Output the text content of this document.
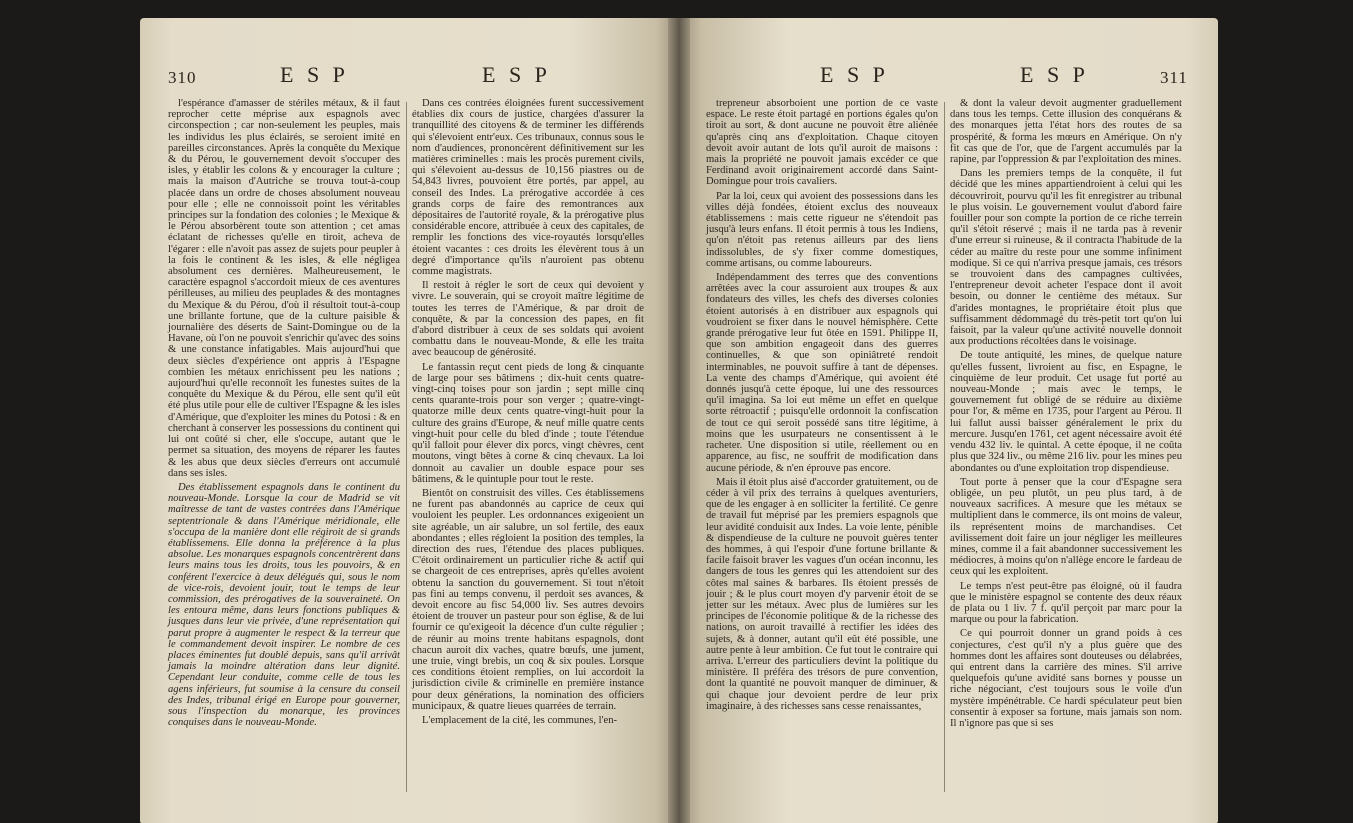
310	E S P	E S P

l'espérance d'amasser de stériles métaux, & il faut reprocher cette méprise aux espagnols avec circonspection ; car non-seulement les peuples, mais les individus les plus éclairés, se seroient imité en pareilles circonstances. Après la conquête du Mexique & du Pérou, le gouvernement devoit s'occuper des isles, y établir les colons & y encourager la culture ; mais la maison d'Autriche se trouva tout-à-coup placée dans un ordre de choses absolument nouveau pour elle ; elle ne connoissoit point les véritables principes sur la fondation des colonies ; le Mexique & le Pérou absorbèrent toute son attention ; cet amas éclatant de richesses qu'elle en tiroit, acheva de l'égarer : elle n'avoit pas assez de sujets pour peupler à la fois le continent & les isles, & elle négligea absolument ces dernières. Malheureusement, le caractère espagnol s'accordoit mieux de ces aventures périlleuses, au milieu des peuplades & des montagnes du Mexique & du Pérou, d'où il résultoit tout-à-coup une brillante fortune, que de la culture paisible & journalière des déserts de Saint-Domingue ou de la Havane, où l'on ne pouvoit s'enrichir qu'avec des soins & une constance infatigables. Mais aujourd'hui que deux siècles d'expérience ont appris à l'Espagne combien les métaux enrichissent peu les nations ; aujourd'hui qu'elle reconnoît les funestes suites de la conquête du Mexique & du Pérou, elle sent qu'il eût été plus utile pour elle de cultiver l'Espagne & les isles d'Amérique, que d'exploiter les mines du Potosi : & en cherchant à conserver les possessions du continent qui lui ont coûté si cher, elle s'occupe, autant que le permet sa situation, des moyens de réparer les fautes & les abus que deux siècles d'erreurs ont accumulé dans ses isles.

Des établissement espagnols dans le continent du nouveau-Monde. Lorsque la cour de Madrid se vit maîtresse de tant de vastes contrées dans l'Amérique septentrionale & dans l'Amérique méridionale, elle s'occupa de la manière dont elle régiroit de si grands établissemens. Elle donna la préférence à la plus absolue. Les monarques espagnols concentrèrent dans leurs mains tous les droits, tous les pouvoirs, & en conférent l'exercice à deux délégués qui, sous le nom de vice-rois, devoient jouir, tout le temps de leur commission, des prérogatives de la souveraineté. On les entoura même, dans leurs fonctions publiques & jusques dans leur vie privée, d'une représentation qui parut propre à augmenter le respect & la terreur que le commandement devoit inspirer. Le nombre de ces places éminentes fut doublé depuis, sans qu'il arrivât jamais la moindre altération dans leur dignité. Cependant leur conduite, comme celle de tous les agens inférieurs, fut soumise à la censure du conseil des Indes, tribunal érigé en Europe pour gouverner, sous l'inspection du monarque, les provinces conquises dans le nouveau-Monde.

Dans ces contrées éloignées furent successivement établies dix cours de justice, chargées d'assurer la tranquillité des citoyens & de terminer les différends qui s'élevoient entr'eux. Ces tribunaux, connus sous le nom d'audiences, prononcèrent définitivement sur les matières criminelles : mais les procès purement civils, qui s'élevoient au-dessus de 10,156 piastres ou de 54,843 livres, pouvoient être portés, par appel, au conseil des Indes. La prérogative accordée à ces grands corps de faire des remontrances aux dépositaires de l'autorité royale, & la prérogative plus considérable encore, attribuée à ceux des capitales, de remplir les fonctions des vice-royautés lorsqu'elles étoient vacantes : ces droits les élevèrent tous à un degré d'importance qu'ils n'auroient pas obtenu comme magistrats.

Il restoit à régler le sort de ceux qui devoient y vivre. Le souverain, qui se croyoit maître légitime de toutes les terres de l'Amérique, & par droit de conquête, & par la concession des papes, en fit d'abord distribuer à ceux de ses soldats qui avoient combattu dans le nouveau-Monde, & elle les traita avec beaucoup de générosité.

Le fantassin reçut cent pieds de long & cinquante de large pour ses bâtimens ; dix-huit cents quatre-vingt-cinq toises pour son jardin ; sept mille cinq cents quarante-trois pour son verger ; quatre-vingt-quatorze mille deux cents quatre-vingt-huit pour la culture des grains d'Europe, & neuf mille quatre cents vingt-huit pour celle du bled d'inde ; toute l'étendue qu'il falloit pour élever dix porcs, vingt chèvres, cent moutons, vingt bêtes à corne & cinq chevaux. La loi donnoit au cavalier un double espace pour ses bâtimens, & le quintuple pour tout le reste.

Bientôt on construisit des villes. Ces établissemens ne furent pas abandonnés au caprice de ceux qui vouloient les peupler. Les ordonnances exigeoient un site agréable, un air salubre, un sol fertile, des eaux abondantes ; elles régloient la position des temples, la direction des rues, l'étendue des places publiques. C'étoit ordinairement un particulier riche & actif qui se chargeoit de ces entreprises, après qu'elles avoient obtenu la sanction du gouvernement. Si tout n'étoit pas fini au temps convenu, il perdoit ses avances, & devoit encore au fisc 54,000 liv. Ses autres devoirs étoient de trouver un pasteur pour son église, & de lui fournir ce qu'exigeoit la décence d'un culte régulier ; de réunir au moins trente habitans espagnols, dont chacun auroit dix vaches, quatre bœufs, une jument, une truie, vingt brebis, un coq & six poules. Lorsque ces conditions étoient remplies, on lui accordoit la jurisdiction civile & criminelle en première instance pour deux générations, la nomination des officiers municipaux, & quatre lieues quarrées de terrain.

L'emplacement de la cité, les communes, l'en-

E S P	E S P	311

trepreneur absorboient une portion de ce vaste espace. Le reste étoit partagé en portions égales qu'on tiroit au sort, & dont aucune ne pouvoit être aliénée qu'après cinq ans d'exploitation. Chaque citoyen devoit avoir autant de lots qu'il auroit de maisons : mais la propriété ne pouvoit jamais excéder ce que Ferdinand avoit originairement accordé dans Saint-Domingue pour trois cavaliers.

Par la loi, ceux qui avoient des possessions dans les villes déjà fondées, étoient exclus des nouveaux établissemens : mais cette rigueur ne s'étendoit pas jusqu'à leurs enfans. Il étoit permis à tous les Indiens, qu'on n'étoit pas retenus ailleurs par des liens indissolubles, de s'y fixer comme domestiques, comme artisans, ou comme laboureurs.

Indépendamment des terres que des conventions arrêtées avec la cour assuroient aux troupes & aux fondateurs des villes, les chefs des diverses colonies étoient autorisés à en distribuer aux espagnols qui voudroient se fixer dans le nouvel hémisphère. Cette grande prérogative leur fut ôtée en 1591. Philippe II, que son ambition engageoit dans des guerres continuelles, & que son opiniâtreté rendoit interminables, ne pouvoit suffire à tant de dépenses. La vente des champs d'Amérique, qui avoient été donnés jusqu'à cette époque, lui une des ressources qu'il imagina. Sa loi eut même un effet en quelque sorte rétroactif ; puisqu'elle ordonnoit la confiscation de tout ce qui seroit possédé sans titre légitime, à moins que les usurpateurs ne consentissent à le racheter. Une disposition si utile, réellement ou en apparence, au fisc, ne souffrit de modification dans aucune période, & n'en éprouve pas encore.

Mais il étoit plus aisé d'accorder gratuitement, ou de céder à vil prix des terrains à quelques aventuriers, que de les engager à en solliciter la fertilité. Ce genre de travail fut méprisé par les premiers espagnols que leur avidité conduisit aux Indes. La voie lente, pénible & dispendieuse de la culture ne pouvoit guères tenter des hommes, à qui l'espoir d'une fortune brillante & facile faisoit braver les vagues d'un océan inconnu, les dangers de tous les genres qui les attendoient sur des côtes mal saines & barbares. Ils étoient pressés de jouir ; & le plus court moyen d'y parvenir étoit de se jetter sur les métaux. Avec plus de lumières sur les principes de l'économie politique & de la richesse des nations, on auroit travaillé à rectifier les idées des sujets, & à donner, autant qu'il eût été possible, une autre pente à leur ambition. Ce fut tout le contraire qui arriva. L'erreur des particuliers devint la politique du ministère. Il préféra des trésors de pure convention, dont la quantité ne pouvoit manquer de diminuer, & qui chaque jour devoient perdre de leur prix imaginaire, à des richesses sans cesse renaissantes,

& dont la valeur devoit augmenter graduellement dans tous les temps. Cette illusion des conquérans & des monarques jetta l'état hors des routes de sa prospérité, & forma les mœurs en Amérique. On n'y fit cas que de l'or, que de l'argent accumulés par la rapine, par l'oppression & par l'exploitation des mines.

Dans les premiers temps de la conquête, il fut décidé que les mines appartiendroient à celui qui les découvriroit, pourvu qu'il les fit enregistrer au tribunal le plus voisin. Le gouvernement voulut d'abord faire fouiller pour son compte la portion de ce riche terrein qu'il s'étoit réservé ; mais il ne tarda pas à revenir d'une erreur si ruineuse, & il contracta l'habitude de la céder au maître du reste pour une somme infiniment modique. Si ce qui n'arriva presque jamais, ces trésors se trouvoient dans des campagnes cultivées, l'entrepreneur devoit acheter l'espace dont il avoit besoin, ou donner le centième des métaux. Sur d'arides montagnes, le propriétaire étoit plus que suffisamment dédommagé du très-petit tort qu'on lui faisoit, par la valeur qu'une activité nouvelle donnoit aux productions récoltées dans le voisinage.

De toute antiquité, les mines, de quelque nature qu'elles fussent, livroient au fisc, en Espagne, le cinquième de leur produit. Cet usage fut porté au nouveau-Monde ; mais avec le temps, le gouvernement fut obligé de se réduire au dixième pour l'or, & même en 1735, pour l'argent au Pérou. Il lui fallut aussi baisser généralement le prix du mercure. Jusqu'en 1761, cet agent nécessaire avoit été vendu 432 liv. le quintal. A cette époque, il ne coûta plus que 324 liv., ou même 216 liv. pour les mines peu abondantes ou d'une exploitation trop dispendieuse.

Tout porte à penser que la cour d'Espagne sera obligée, un peu plutôt, un peu plus tard, à de nouveaux sacrifices. A mesure que les métaux se multiplient dans le commerce, ils ont moins de valeur, ils représentent moins de marchandises. Cet avilissement doit faire un jour négliger les meilleures mines, comme il a fait abandonner successivement les médiocres, à moins qu'on n'allège encore le fardeau de ceux qui les exploitent.

Le temps n'est peut-être pas éloigné, où il faudra que le ministère espagnol se contente des deux réaux de plata ou 1 liv. 7 f. qu'il perçoit par marc pour la marque ou pour la fabrication.

Ce qui pourroit donner un grand poids à ces conjectures, c'est qu'il n'y a plus guère que des hommes dont les affaires sont douteuses ou délabrées, qui entrent dans la carrière des mines. S'il arrive quelquefois qu'une avidité sans bornes y pousse un riche négociant, c'est toujours sous le voile d'un mystère impénétrable. Ce hardi spéculateur peut bien consentir à exposer sa fortune, mais jamais son nom. Il n'ignore pas que si ses
